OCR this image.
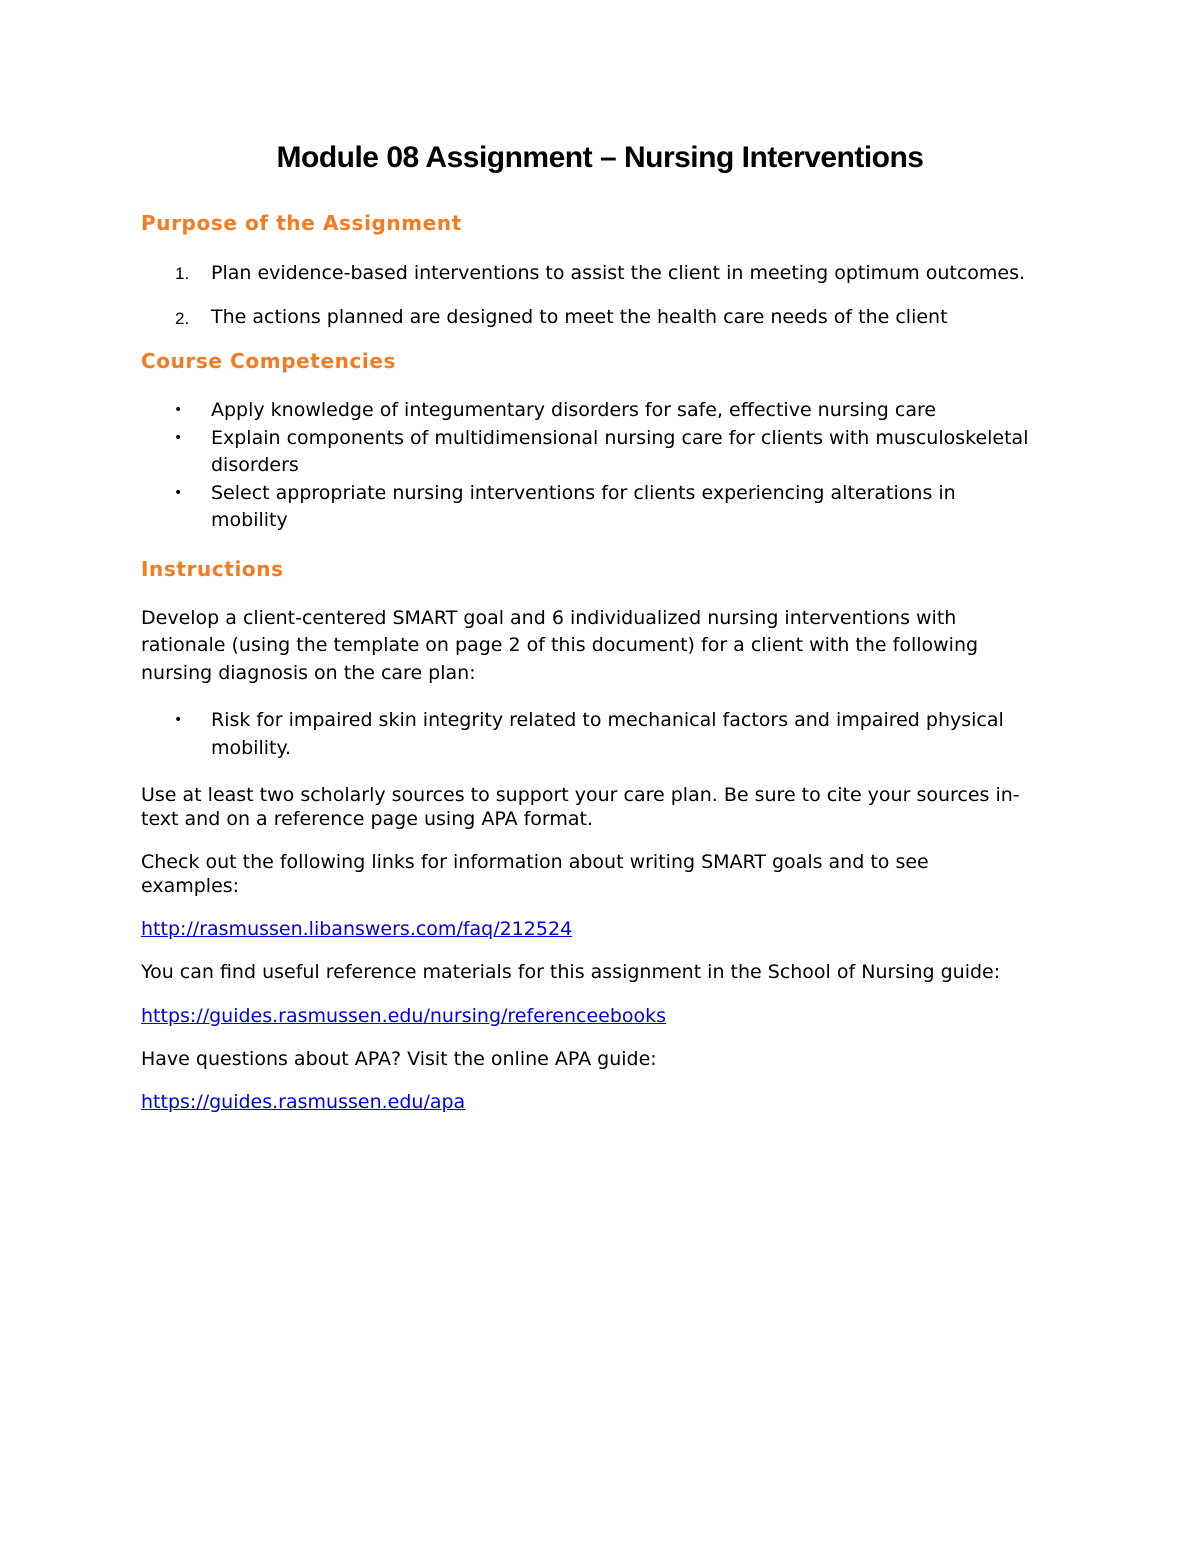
Module 08 Assignment – Nursing Interventions
Purpose of the Assignment
1. Plan evidence-based interventions to assist the client in meeting optimum outcomes.
2. The actions planned are designed to meet the health care needs of the client
Course Competencies
• Apply knowledge of integumentary disorders for safe, effective nursing care
• Explain components of multidimensional nursing care for clients with musculoskeletal
disorders
• Select appropriate nursing interventions for clients experiencing alterations in
mobility
Instructions
Develop a client-centered SMART goal and 6 individualized nursing interventions with
rationale (using the template on page 2 of this document) for a client with the following
nursing diagnosis on the care plan:
• Risk for impaired skin integrity related to mechanical factors and impaired physical
mobility.
Use at least two scholarly sources to support your care plan. Be sure to cite your sources in-
text and on a reference page using APA format.
Check out the following links for information about writing SMART goals and to see
examples:
http://rasmussen.libanswers.com/faq/212524
You can find useful reference materials for this assignment in the School of Nursing guide:
https://guides.rasmussen.edu/nursing/referenceebooks
Have questions about APA? Visit the online APA guide:
https://guides.rasmussen.edu/apa
